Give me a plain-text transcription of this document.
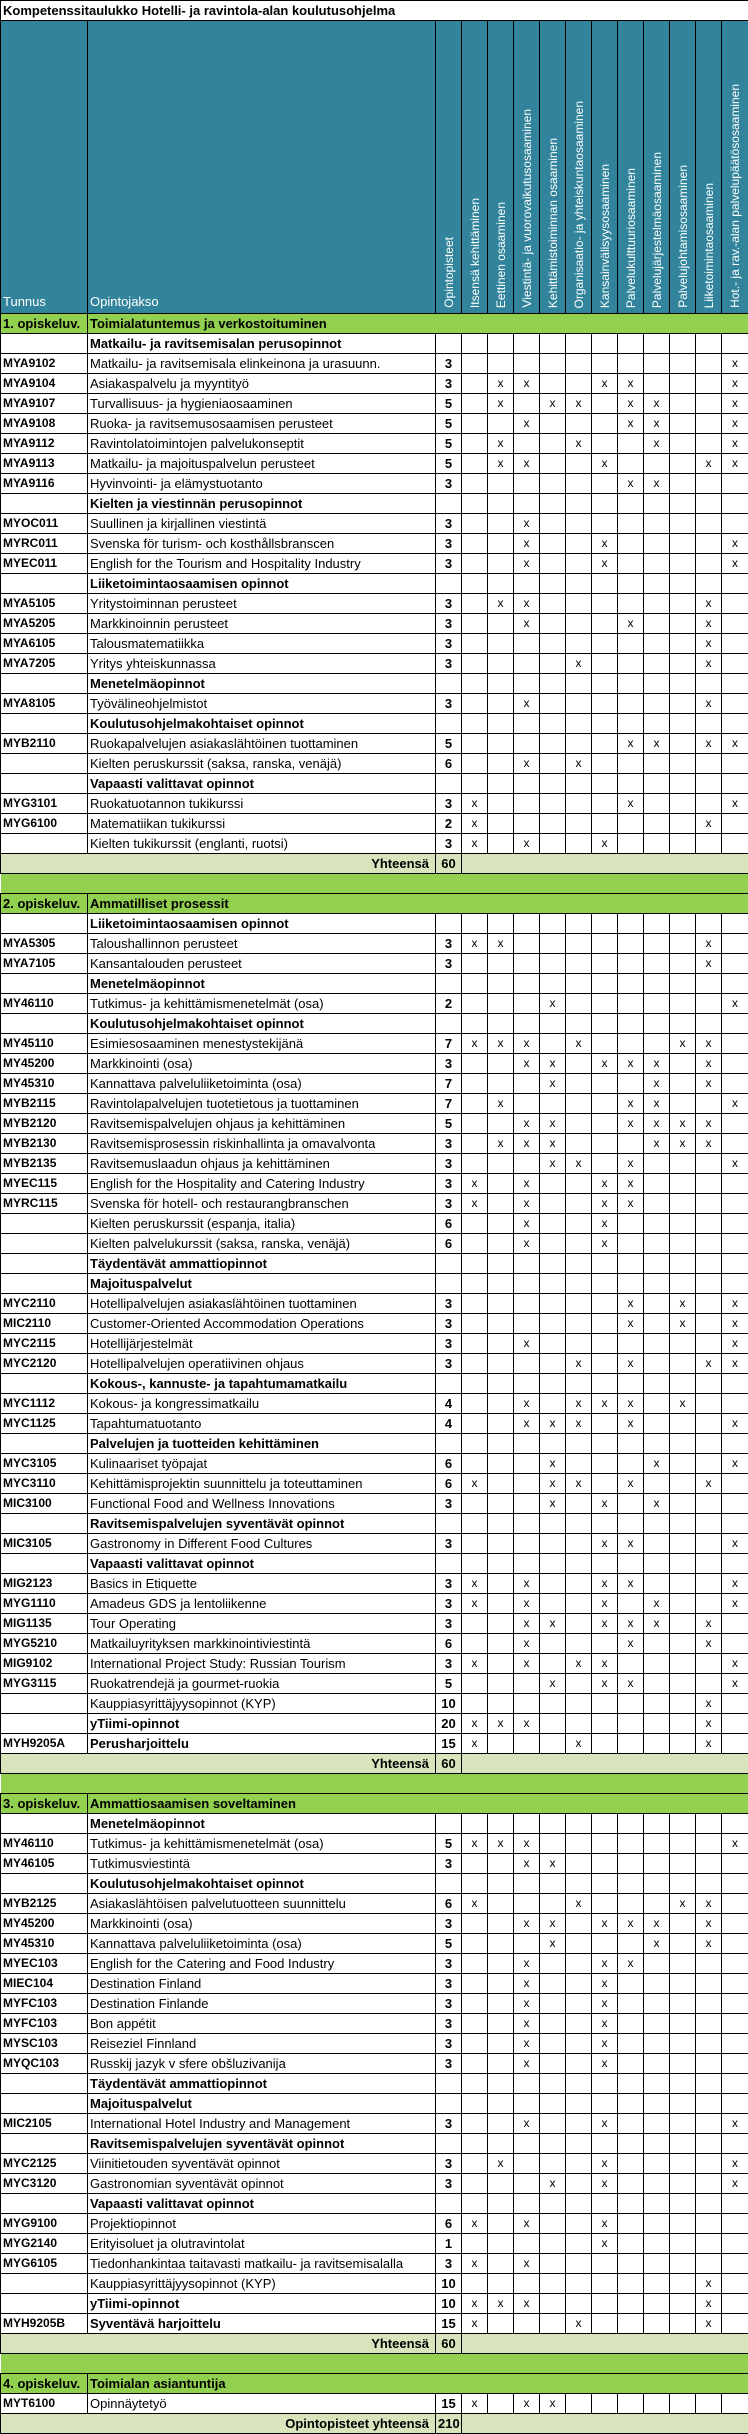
Kompetenssitaulukko Hotelli- ja ravintola-alan koulutusohjelma													
Tunnus	Opintojakso	Opintopisteet	Itsensä kehittäminen	Eettinen osaaminen	Viestintä- ja vuorovaikutusosaaminen	Kehittämistoiminnan osaaminen	Organisaatio- ja yhteiskuntaosaaminen	Kansainvälisyysosaaminen	Palvelukulttuuriosaaminen	Palvelujärjestelmäosaaminen	Palvelujohtamisosaaminen	Liiketoimintaosaaminen	Hot.- ja rav.-alan palvelupäätösosaaminen
1. opiskeluv.	Toimialatuntemus ja verkostoituminen												
	Matkailu- ja ravitsemisalan perusopinnot												
MYA9102	Matkailu- ja ravitsemisala elinkeinona ja urasuunn.	3											x
MYA9104	Asiakaspalvelu ja myyntityö	3		x	x			x	x				x
MYA9107	Turvallisuus- ja hygieniaosaaminen	5		x		x	x		x	x			x
MYA9108	Ruoka- ja ravitsemusosaamisen perusteet	5			x				x	x			x
MYA9112	Ravintolatoimintojen palvelukonseptit	5		x			x			x			x
MYA9113	Matkailu- ja majoituspalvelun perusteet	5		x	x			x				x	x
MYA9116	Hyvinvointi- ja elämystuotanto	3							x	x			
	Kielten ja viestinnän perusopinnot												
MYOC011	Suullinen ja kirjallinen viestintä	3			x								
MYRC011	Svenska för turism- och kosthållsbranscen	3			x			x					x
MYEC011	English for the Tourism and Hospitality Industry	3			x			x					x
	Liiketoimintaosaamisen opinnot												
MYA5105	Yritystoiminnan perusteet	3		x	x							x	
MYA5205	Markkinoinnin perusteet	3			x				x			x	
MYA6105	Talousmatematiikka	3										x	
MYA7205	Yritys yhteiskunnassa	3					x					x	
	Menetelmäopinnot												
MYA8105	Työvälineohjelmistot	3			x							x	
	Koulutusohjelmakohtaiset opinnot												
MYB2110	Ruokapalvelujen asiakaslähtöinen tuottaminen	5							x	x		x	x
	Kielten peruskurssit (saksa, ranska, venäjä)	6			x		x						
	Vapaasti valittavat opinnot												
MYG3101	Ruokatuotannon tukikurssi	3	x						x				x
MYG6100	Matematiikan tukikurssi	2	x									x	
	Kielten tukikurssit (englanti, ruotsi)	3	x		x			x					
Yhteensä		60											

2. opiskeluv.	Ammatilliset prosessit												
	Liiketoimintaosaamisen opinnot												
MYA5305	Taloushallinnon perusteet	3	x	x								x	
MYA7105	Kansantalouden perusteet	3										x	
	Menetelmäopinnot												
MY46110	Tutkimus- ja kehittämismenetelmät (osa)	2				x							x
	Koulutusohjelmakohtaiset opinnot												
MY45110	Esimiesosaaminen menestystekijänä	7	x	x	x		x				x	x	
MY45200	Markkinointi (osa)	3			x	x		x	x	x		x	
MY45310	Kannattava palveluliiketoiminta (osa)	7				x				x		x	
MYB2115	Ravintolapalvelujen tuotetietous ja tuottaminen	7		x					x	x			x
MYB2120	Ravitsemispalvelujen ohjaus ja kehittäminen	5			x	x			x	x	x	x	
MYB2130	Ravitsemisprosessin riskinhallinta ja omavalvonta	3		x	x	x				x	x	x	
MYB2135	Ravitsemuslaadun ohjaus ja kehittäminen	3				x	x		x				x
MYEC115	English for the Hospitality and Catering Industry	3	x		x			x	x				
MYRC115	Svenska för hotell- och restaurangbranschen	3	x		x			x	x				
	Kielten peruskurssit (espanja, italia)	6			x			x					
	Kielten palvelukurssit (saksa, ranska, venäjä)	6			x			x					
	Täydentävät ammattiopinnot												
	Majoituspalvelut												
MYC2110	Hotellipalvelujen asiakaslähtöinen tuottaminen	3							x		x		x
MIC2110	Customer-Oriented Accommodation Operations	3							x		x		x
MYC2115	Hotellijärjestelmät	3			x								x
MYC2120	Hotellipalvelujen operatiivinen ohjaus	3					x		x			x	x
	Kokous-, kannuste- ja tapahtumamatkailu												
MYC1112	Kokous- ja kongressimatkailu	4			x		x	x	x		x		
MYC1125	Tapahtumatuotanto	4			x	x	x		x				x
	Palvelujen ja tuotteiden kehittäminen												
MYC3105	Kulinaariset työpajat	6				x				x			x
MYC3110	Kehittämisprojektin suunnittelu ja toteuttaminen	6	x			x	x		x			x	
MIC3100	Functional Food and Wellness Innovations	3				x		x		x			
	Ravitsemispalvelujen syventävät opinnot												
MIC3105	Gastronomy in Different Food Cultures	3						x	x				x
	Vapaasti valittavat opinnot												
MIG2123	Basics in Etiquette	3	x		x			x	x				x
MYG1110	Amadeus GDS ja lentoliikenne	3	x		x			x		x			x
MIG1135	Tour Operating	3			x	x		x	x	x		x	
MYG5210	Matkailuyrityksen markkinointiviestintä	6			x				x			x	
MIG9102	International Project Study: Russian Tourism	3	x		x		x	x					x
MYG3115	Ruokatrendejä ja gourmet-ruokia	5				x		x	x				x
	Kauppiasyrittäjyysopinnot (KYP)	10										x	
	yTiimi-opinnot	20	x	x	x							x	
MYH9205A	Perusharjoittelu	15	x				x					x	
Yhteensä		60											

3. opiskeluv.	Ammattiosaamisen soveltaminen												
	Menetelmäopinnot												
MY46110	Tutkimus- ja kehittämismenetelmät (osa)	5	x	x	x								x
MY46105	Tutkimusviestintä	3			x	x							
	Koulutusohjelmakohtaiset opinnot												
MYB2125	Asiakaslähtöisen palvelutuotteen suunnittelu	6	x				x				x	x	
MY45200	Markkinointi (osa)	3			x	x		x	x	x		x	
MY45310	Kannattava palveluliiketoiminta (osa)	5				x				x		x	
MYEC103	English for the Catering and Food Industry	3			x			x	x				
MIEC104	Destination Finland	3			x			x					
MYFC103	Destination Finlande	3			x			x					
MYFC103	Bon appétit	3			x			x					
MYSC103	Reiseziel Finnland	3			x			x					
MYQC103	Russkij jazyk v sfere obšluzivanija	3			x			x					
	Täydentävät ammattiopinnot												
	Majoituspalvelut												
MIC2105	International Hotel Industry and Management	3			x			x					x
	Ravitsemispalvelujen syventävät opinnot												
MYC2125	Viinitietouden syventävät opinnot	3		x				x					x
MYC3120	Gastronomian syventävät opinnot	3				x		x					x
	Vapaasti valittavat opinnot												
MYG9100	Projektiopinnot	6	x		x			x					
MYG2140	Erityisoluet ja olutravintolat	1						x					
MYG6105	Tiedonhankintaa taitavasti matkailu- ja ravitsemisalalla	3	x		x								
	Kauppiasyrittäjyysopinnot (KYP)	10										x	
	yTiimi-opinnot	10	x	x	x							x	
MYH9205B	Syventävä harjoittelu	15	x				x					x	
Yhteensä		60											

4. opiskeluv.	Toimialan asiantuntija												
MYT6100	Opinnäytetyö	15	x		x	x							
Opintopisteet yhteensä		210											
